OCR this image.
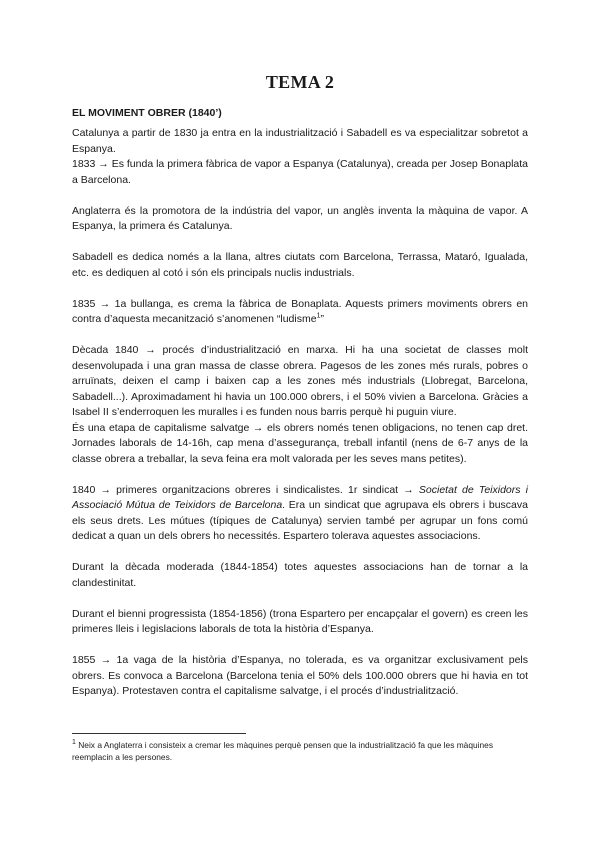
TEMA 2
EL MOVIMENT OBRER (1840’)

Catalunya a partir de 1830 ja entra en la industrialització i Sabadell es va especialitzar sobretot a Espanya.

1833 → Es funda la primera fàbrica de vapor a Espanya (Catalunya), creada per Josep Bonaplata a Barcelona.

Anglaterra és la promotora de la indústria del vapor, un anglès inventa la màquina de vapor. A Espanya, la primera és Catalunya.

Sabadell es dedica només a la llana, altres ciutats com Barcelona, Terrassa, Mataró, Igualada, etc. es dediquen al cotó i són els principals nuclis industrials.

1835 → 1a bullanga, es crema la fàbrica de Bonaplata. Aquests primers moviments obrers en contra d’aquesta mecanització s’anomenen “ludisme$^1$”

Dècada 1840 → procés d’industrialització en marxa. Hi ha una societat de classes molt desenvolupada i una gran massa de classe obrera. Pagesos de les zones més rurals, pobres o arruïnats, deixen el camp i baixen cap a les zones més industrials (Llobregat, Barcelona, Sabadell...). Aproximadament hi havia un 100.000 obrers, i el 50% vivien a Barcelona. Gràcies a Isabel II s’enderroquen les muralles i es funden nous barris perquè hi puguin viure.

És una etapa de capitalisme salvatge → els obrers només tenen obligacions, no tenen cap dret. Jornades laborals de 14-16h, cap mena d’assegurança, treball infantil (nens de 6-7 anys de la classe obrera a treballar, la seva feina era molt valorada per les seves mans petites).

1840 → primeres organitzacions obreres i sindicalistes. 1r sindicat → Societat de Teixidors i Associació Mútua de Teixidors de Barcelona. Era un sindicat que agrupava els obrers i buscava els seus drets. Les mútues (típiques de Catalunya) servien també per agrupar un fons comú dedicat a quan un dels obrers ho necessités. Espartero tolerava aquestes associacions.

Durant la dècada moderada (1844-1854) totes aquestes associacions han de tornar a la clandestinitat.

Durant el bienni progressista (1854-1856) (trona Espartero per encapçalar el govern) es creen les primeres lleis i legislacions laborals de tota la història d’Espanya.

1855 → 1a vaga de la història d’Espanya, no tolerada, es va organitzar exclusivament pels obrers. Es convoca a Barcelona (Barcelona tenia el 50% dels 100.000 obrers que hi havia en tot Espanya). Protestaven contra el capitalisme salvatge, i el procés d’industrialització.

$^1$ Neix a Anglaterra i consisteix a cremar les màquines perquè pensen que la industrialització fa que les màquines reemplacin a les persones.
